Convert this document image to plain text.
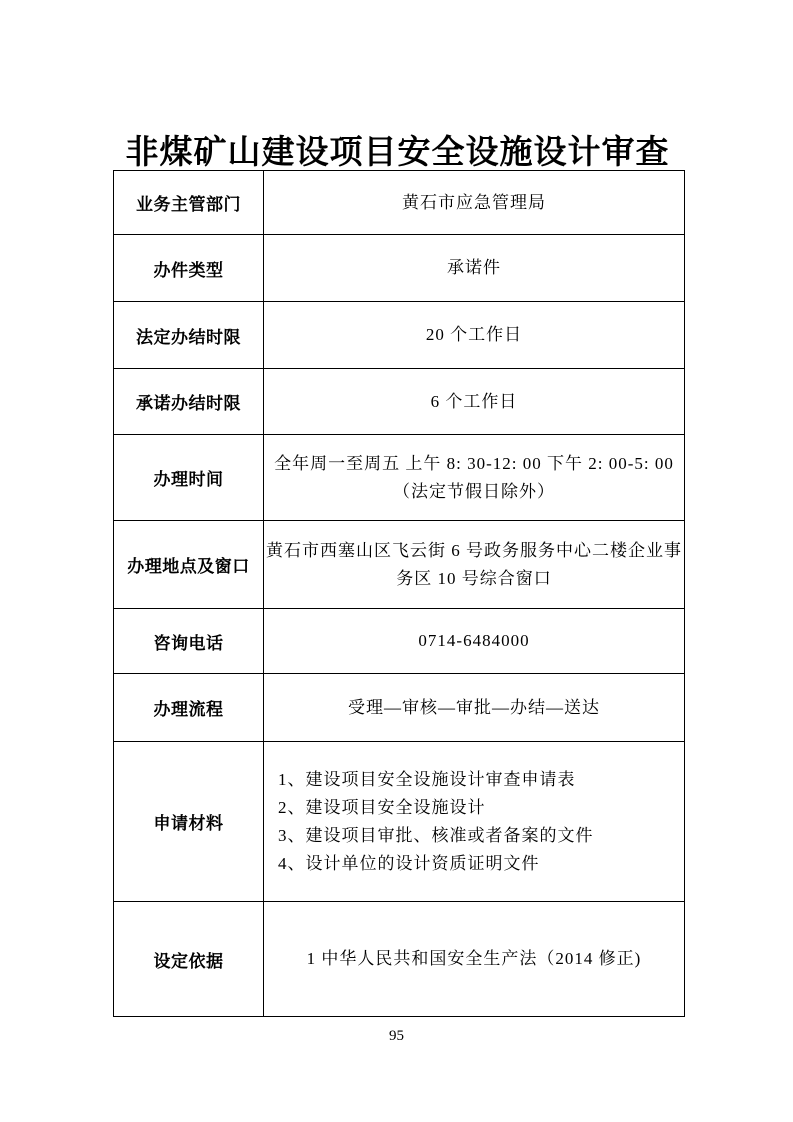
非煤矿山建设项目安全设施设计审查
业务主管部门	黄石市应急管理局
办件类型	承诺件
法定办结时限	20 个工作日
承诺办结时限	6 个工作日
办理时间	全年周一至周五 上午 8: 30-12: 00 下午 2: 00-5: 00
（法定节假日除外）

办理地点及窗口	黄石市西塞山区飞云街 6 号政务服务中心二楼企业事务区 10 号综合窗口
咨询电话	0714-6484000
办理流程	受理—审核—审批—办结—送达
申请材料	1、建设项目安全设施设计审查申请表
2、建设项目安全设施设计
3、建设项目审批、核准或者备案的文件
4、设计单位的设计资质证明文件

设定依据	1 中华人民共和国安全生产法（2014 修正)
95
